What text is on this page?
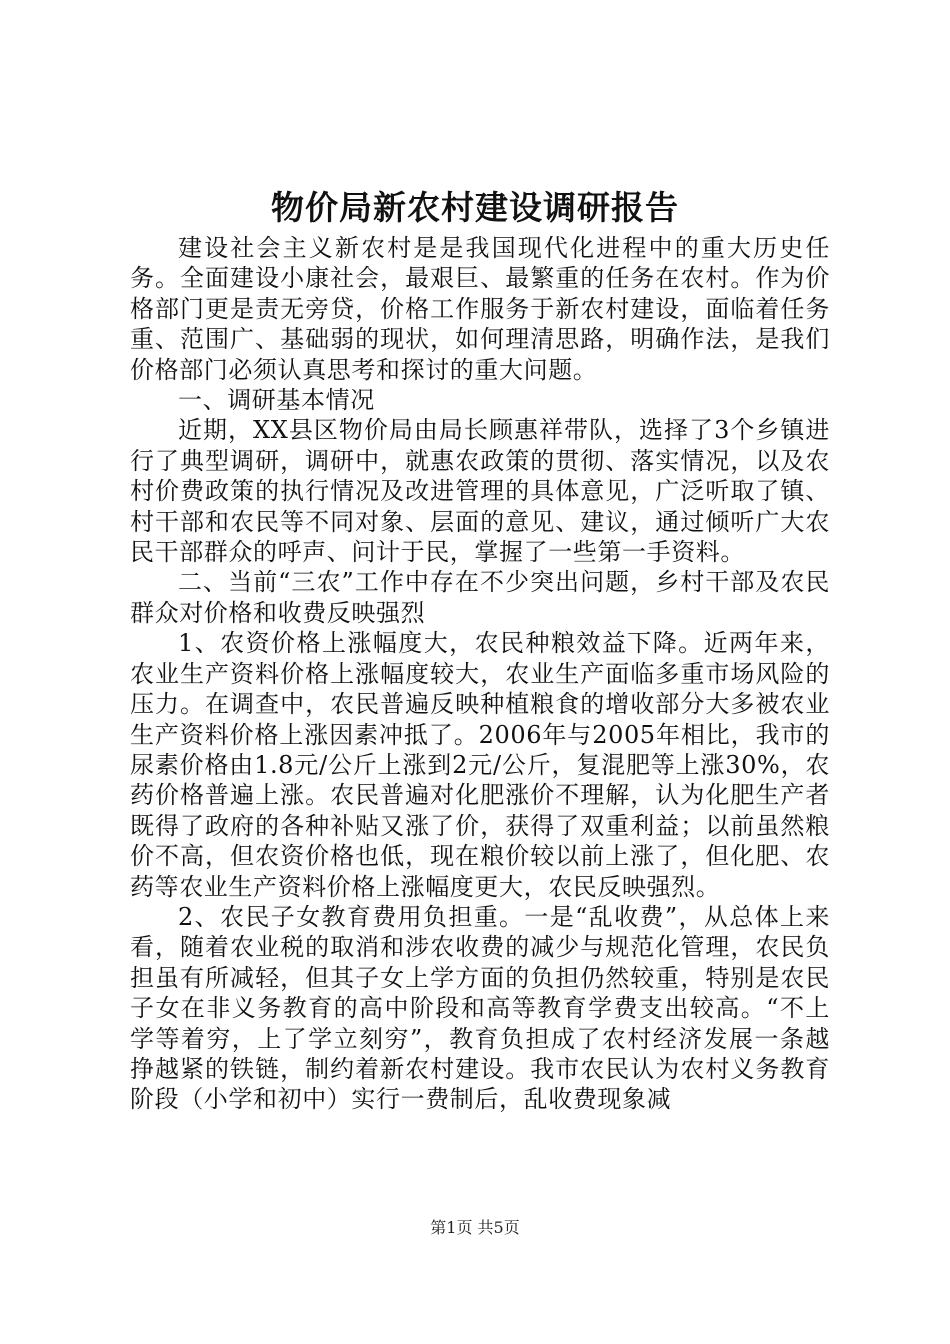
物价局新农村建设调研报告

建设社会主义新农村是是我国现代化进程中的重大历史任务。全面建设小康社会，最艰巨、最繁重的任务在农村。作为价格部门更是责无旁贷，价格工作服务于新农村建设，面临着任务重、范围广、基础弱的现状，如何理清思路，明确作法，是我们价格部门必须认真思考和探讨的重大问题。

一、调研基本情况

近期，XX县区物价局由局长顾惠祥带队，选择了3个乡镇进行了典型调研，调研中，就惠农政策的贯彻、落实情况，以及农村价费政策的执行情况及改进管理的具体意见，广泛听取了镇、村干部和农民等不同对象、层面的意见、建议，通过倾听广大农民干部群众的呼声、问计于民，掌握了一些第一手资料。

二、当前“三农”工作中存在不少突出问题，乡村干部及农民群众对价格和收费反映强烈

1、农资价格上涨幅度大，农民种粮效益下降。近两年来，农业生产资料价格上涨幅度较大，农业生产面临多重市场风险的压力。在调查中，农民普遍反映种植粮食的增收部分大多被农业生产资料价格上涨因素冲抵了。2006年与2005年相比，我市的尿素价格由1.8元/公斤上涨到2元/公斤，复混肥等上涨30%，农药价格普遍上涨。农民普遍对化肥涨价不理解，认为化肥生产者既得了政府的各种补贴又涨了价，获得了双重利益；以前虽然粮价不高，但农资价格也低，现在粮价较以前上涨了，但化肥、农药等农业生产资料价格上涨幅度更大，农民反映强烈。

2、农民子女教育费用负担重。一是“乱收费”，从总体上来看，随着农业税的取消和涉农收费的减少与规范化管理，农民负担虽有所减轻，但其子女上学方面的负担仍然较重，特别是农民子女在非义务教育的高中阶段和高等教育学费支出较高。“不上学等着穷，上了学立刻穷”，教育负担成了农村经济发展一条越挣越紧的铁链，制约着新农村建设。我市农民认为农村义务教育阶段（小学和初中）实行一费制后，乱收费现象减

第1页 共5页
